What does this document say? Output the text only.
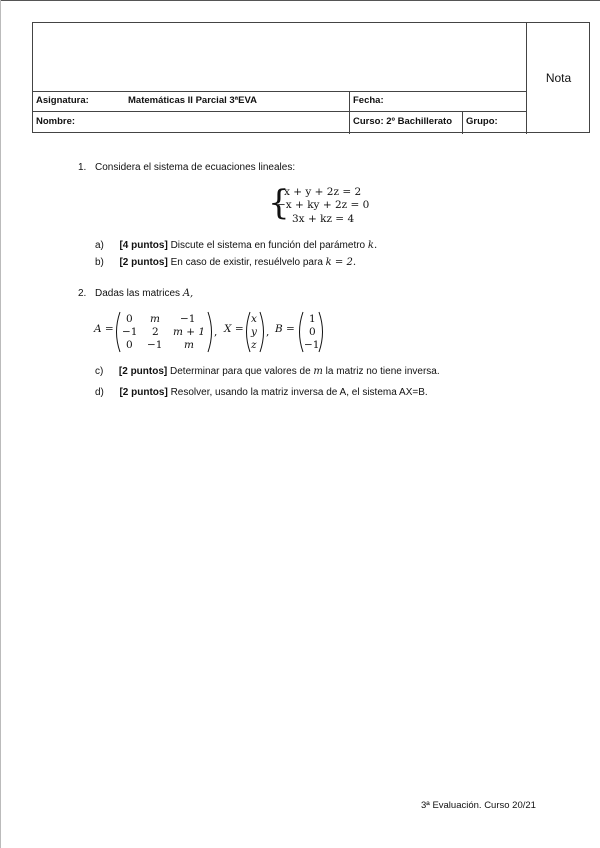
Asignatura:	Matemáticas II Parcial 3ªEVA	Fecha:
Nombre:	Curso: 2º Bachillerato	Grupo:
Nota
1. Considera el sistema de ecuaciones lineales:
{
x + y + 2z = 2
−x + ky + 2z = 0
3x + kz = 4
a) [4 puntos] Discute el sistema en función del parámetro k.
b) [2 puntos] En caso de existir, resuélvelo para k = 2.
2. Dadas las matrices A,
A =
0 m −1
−1 2 m + 1
0 −1 m
, X =
x
y
z
, B =
1
0
−1
c) [2 puntos] Determinar para que valores de m la matriz no tiene inversa.
d) [2 puntos] Resolver, usando la matriz inversa de A, el sistema AX=B.
3ª Evaluación. Curso 20/21
